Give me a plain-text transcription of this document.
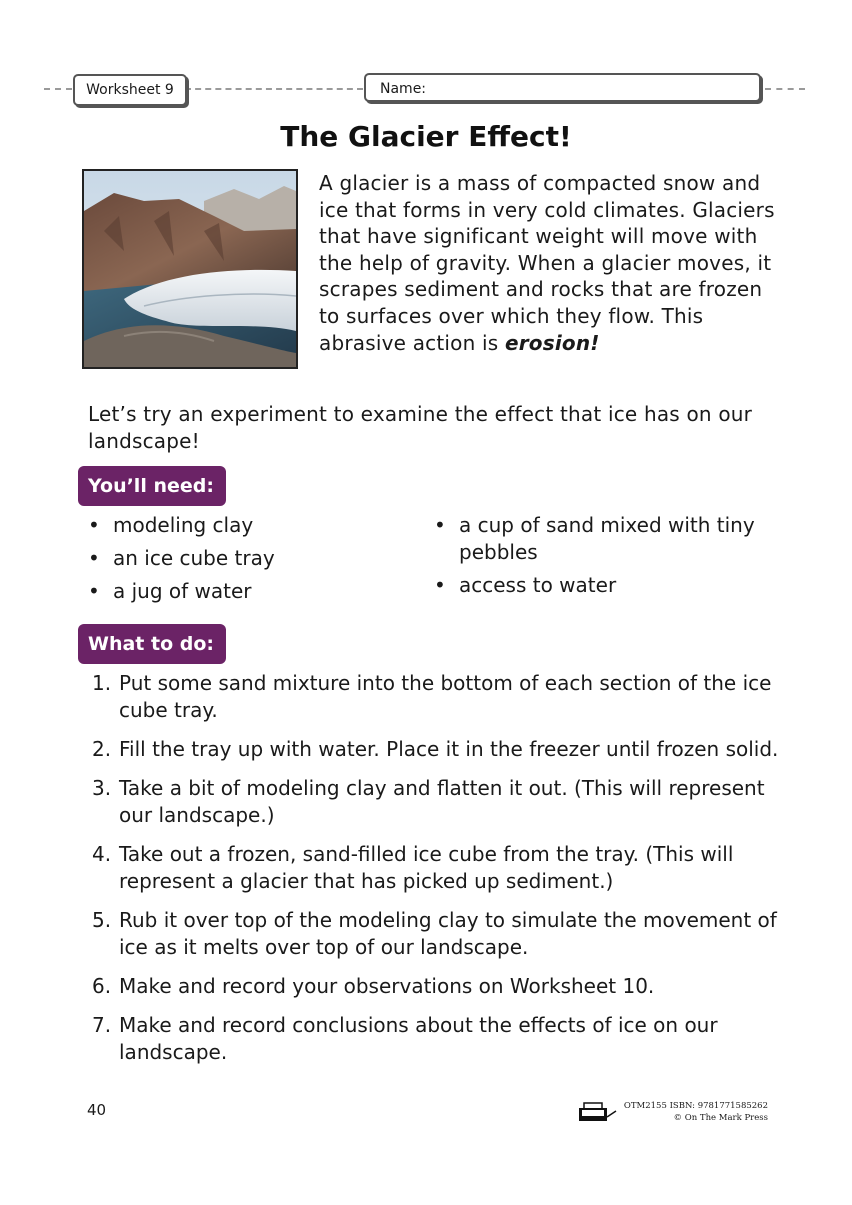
Worksheet 9	Name:
The Glacier Effect!
A glacier is a mass of compacted snow and ice that forms in very cold climates. Glaciers that have significant weight will move with the help of gravity. When a glacier moves, it scrapes sediment and rocks that are frozen to surfaces over which they flow. This abrasive action is erosion!
Let’s try an experiment to examine the effect that ice has on our landscape!
You’ll need:
• modeling clay
• an ice cube tray
• a jug of water
• a cup of sand mixed with tiny pebbles
• access to water
What to do:
1. Put some sand mixture into the bottom of each section of the ice cube tray.
2. Fill the tray up with water. Place it in the freezer until frozen solid.
3. Take a bit of modeling clay and flatten it out. (This will represent our landscape.)
4. Take out a frozen, sand-filled ice cube from the tray. (This will represent a glacier that has picked up sediment.)
5. Rub it over top of the modeling clay to simulate the movement of ice as it melts over top of our landscape.
6. Make and record your observations on Worksheet 10.
7. Make and record conclusions about the effects of ice on our landscape.
40	OTM2155 ISBN: 9781771585262
© On The Mark Press
